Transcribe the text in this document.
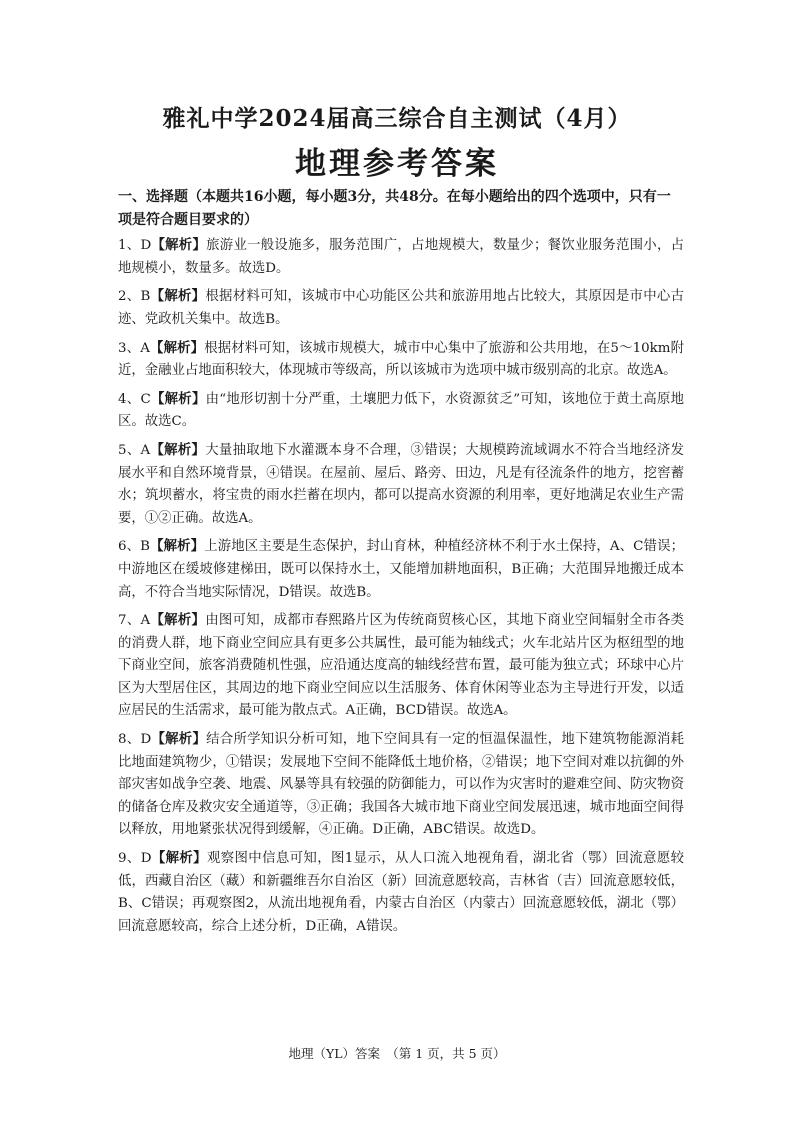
雅礼中学2024届高三综合自主测试（4月）
地理参考答案

一、选择题（本题共16小题，每小题3分，共48分。在每小题给出的四个选项中，只有一项是符合题目要求的）

1、D【解析】旅游业一般设施多，服务范围广，占地规模大，数量少；餐饮业服务范围小，占地规模小，数量多。故选D。

2、B【解析】根据材料可知，该城市中心功能区公共和旅游用地占比较大，其原因是市中心古迹、党政机关集中。故选B。

3、A【解析】根据材料可知，该城市规模大，城市中心集中了旅游和公共用地，在5～10km附近，金融业占地面积较大，体现城市等级高，所以该城市为选项中城市级别高的北京。故选A。

4、C【解析】由“地形切割十分严重，土壤肥力低下，水资源贫乏”可知，该地位于黄土高原地区。故选C。

5、A【解析】大量抽取地下水灌溉本身不合理，③错误；大规模跨流域调水不符合当地经济发展水平和自然环境背景，④错误。在屋前、屋后、路旁、田边，凡是有径流条件的地方，挖窖蓄水；筑坝蓄水，将宝贵的雨水拦蓄在坝内，都可以提高水资源的利用率，更好地满足农业生产需要，①②正确。故选A。

6、B【解析】上游地区主要是生态保护，封山育林，种植经济林不利于水土保持，A、C错误；中游地区在缓坡修建梯田，既可以保持水土，又能增加耕地面积，B正确；大范围异地搬迁成本高，不符合当地实际情况，D错误。故选B。

7、A【解析】由图可知，成都市春熙路片区为传统商贸核心区，其地下商业空间辐射全市各类的消费人群，地下商业空间应具有更多公共属性，最可能为轴线式；火车北站片区为枢纽型的地下商业空间，旅客消费随机性强，应沿通达度高的轴线经营布置，最可能为独立式；环球中心片区为大型居住区，其周边的地下商业空间应以生活服务、体育休闲等业态为主导进行开发，以适应居民的生活需求，最可能为散点式。A正确，BCD错误。故选A。

8、D【解析】结合所学知识分析可知，地下空间具有一定的恒温保温性，地下建筑物能源消耗比地面建筑物少，①错误；发展地下空间不能降低土地价格，②错误；地下空间对难以抗御的外部灾害如战争空袭、地震、风暴等具有较强的防御能力，可以作为灾害时的避难空间、防灾物资的储备仓库及救灾安全通道等，③正确；我国各大城市地下商业空间发展迅速，城市地面空间得以释放，用地紧张状况得到缓解，④正确。D正确，ABC错误。故选D。

9、D【解析】观察图中信息可知，图1显示，从人口流入地视角看，湖北省（鄂）回流意愿较低，西藏自治区（藏）和新疆维吾尔自治区（新）回流意愿较高，吉林省（吉）回流意愿较低，B、C错误；再观察图2，从流出地视角看，内蒙古自治区（内蒙古）回流意愿较低，湖北（鄂）回流意愿较高，综合上述分析，D正确，A错误。

地理（YL）答案　（第 1 页，共 5 页）
